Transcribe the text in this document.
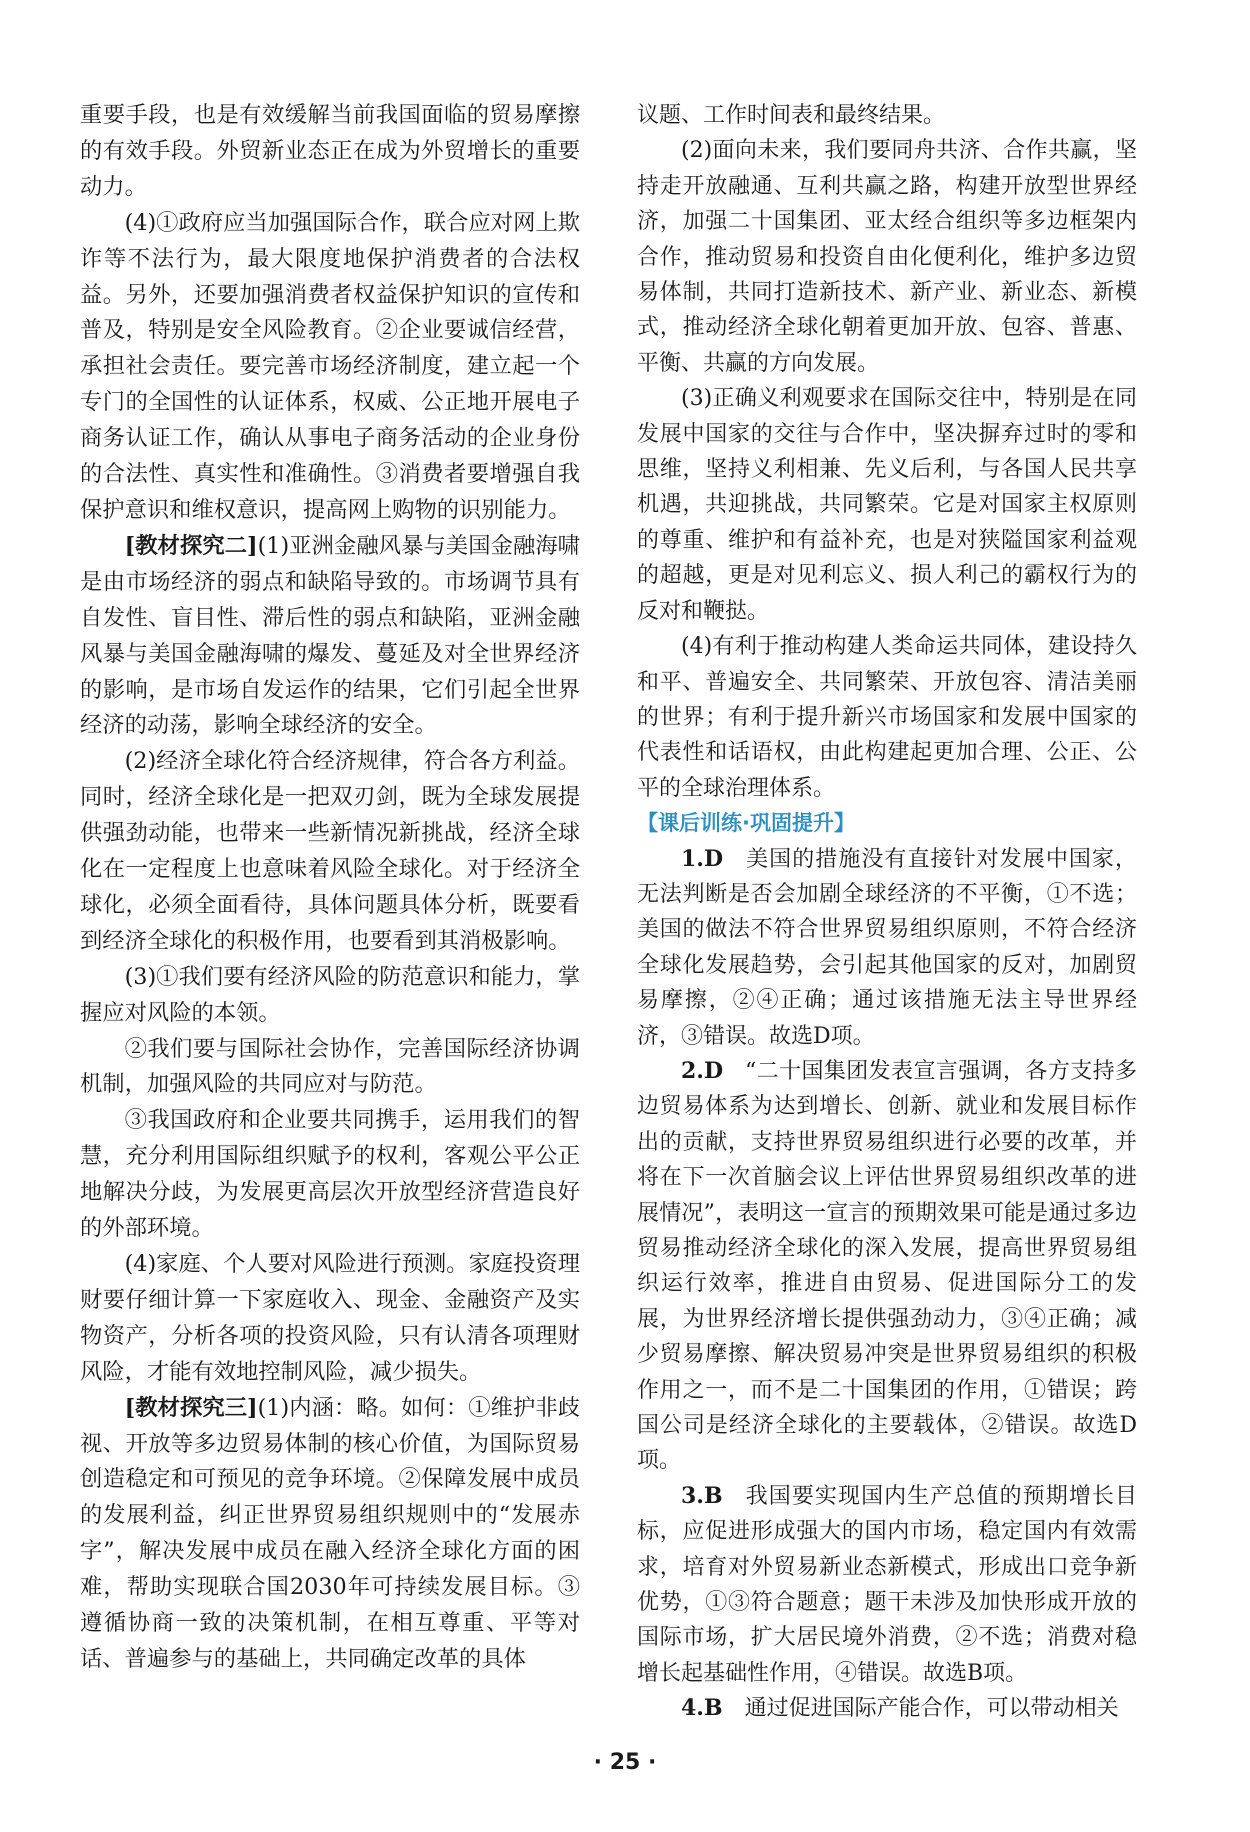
重要手段，也是有效缓解当前我国面临的贸易摩擦的有效手段。外贸新业态正在成为外贸增长的重要动力。

(4)①政府应当加强国际合作，联合应对网上欺诈等不法行为，最大限度地保护消费者的合法权益。另外，还要加强消费者权益保护知识的宣传和普及，特别是安全风险教育。②企业要诚信经营，承担社会责任。要完善市场经济制度，建立起一个专门的全国性的认证体系，权威、公正地开展电子商务认证工作，确认从事电子商务活动的企业身份的合法性、真实性和准确性。③消费者要增强自我保护意识和维权意识，提高网上购物的识别能力。

[教材探究二](1)亚洲金融风暴与美国金融海啸是由市场经济的弱点和缺陷导致的。市场调节具有自发性、盲目性、滞后性的弱点和缺陷，亚洲金融风暴与美国金融海啸的爆发、蔓延及对全世界经济的影响，是市场自发运作的结果，它们引起全世界经济的动荡，影响全球经济的安全。

(2)经济全球化符合经济规律，符合各方利益。同时，经济全球化是一把双刃剑，既为全球发展提供强劲动能，也带来一些新情况新挑战，经济全球化在一定程度上也意味着风险全球化。对于经济全球化，必须全面看待，具体问题具体分析，既要看到经济全球化的积极作用，也要看到其消极影响。

(3)①我们要有经济风险的防范意识和能力，掌握应对风险的本领。

②我们要与国际社会协作，完善国际经济协调机制，加强风险的共同应对与防范。

③我国政府和企业要共同携手，运用我们的智慧，充分利用国际组织赋予的权利，客观公平公正地解决分歧，为发展更高层次开放型经济营造良好的外部环境。

(4)家庭、个人要对风险进行预测。家庭投资理财要仔细计算一下家庭收入、现金、金融资产及实物资产，分析各项的投资风险，只有认清各项理财风险，才能有效地控制风险，减少损失。

[教材探究三](1)内涵：略。如何：①维护非歧视、开放等多边贸易体制的核心价值，为国际贸易创造稳定和可预见的竞争环境。②保障发展中成员的发展利益，纠正世界贸易组织规则中的“发展赤字”，解决发展中成员在融入经济全球化方面的困难，帮助实现联合国2030年可持续发展目标。③遵循协商一致的决策机制，在相互尊重、平等对话、普遍参与的基础上，共同确定改革的具体

议题、工作时间表和最终结果。

(2)面向未来，我们要同舟共济、合作共赢，坚持走开放融通、互利共赢之路，构建开放型世界经济，加强二十国集团、亚太经合组织等多边框架内合作，推动贸易和投资自由化便利化，维护多边贸易体制，共同打造新技术、新产业、新业态、新模式，推动经济全球化朝着更加开放、包容、普惠、平衡、共赢的方向发展。

(3)正确义利观要求在国际交往中，特别是在同发展中国家的交往与合作中，坚决摒弃过时的零和思维，坚持义利相兼、先义后利，与各国人民共享机遇，共迎挑战，共同繁荣。它是对国家主权原则的尊重、维护和有益补充，也是对狭隘国家利益观的超越，更是对见利忘义、损人利己的霸权行为的反对和鞭挞。

(4)有利于推动构建人类命运共同体，建设持久和平、普遍安全、共同繁荣、开放包容、清洁美丽的世界；有利于提升新兴市场国家和发展中国家的代表性和话语权，由此构建起更加合理、公正、公平的全球治理体系。

【课后训练·巩固提升】

1.D  美国的措施没有直接针对发展中国家，无法判断是否会加剧全球经济的不平衡，①不选；美国的做法不符合世界贸易组织原则，不符合经济全球化发展趋势，会引起其他国家的反对，加剧贸易摩擦，②④正确；通过该措施无法主导世界经济，③错误。故选D项。

2.D  “二十国集团发表宣言强调，各方支持多边贸易体系为达到增长、创新、就业和发展目标作出的贡献，支持世界贸易组织进行必要的改革，并将在下一次首脑会议上评估世界贸易组织改革的进展情况”，表明这一宣言的预期效果可能是通过多边贸易推动经济全球化的深入发展，提高世界贸易组织运行效率，推进自由贸易、促进国际分工的发展，为世界经济增长提供强劲动力，③④正确；减少贸易摩擦、解决贸易冲突是世界贸易组织的积极作用之一，而不是二十国集团的作用，①错误；跨国公司是经济全球化的主要载体，②错误。故选D项。

3.B  我国要实现国内生产总值的预期增长目标，应促进形成强大的国内市场，稳定国内有效需求，培育对外贸易新业态新模式，形成出口竞争新优势，①③符合题意；题干未涉及加快形成开放的国际市场，扩大居民境外消费，②不选；消费对稳增长起基础性作用，④错误。故选B项。

4.B  通过促进国际产能合作，可以带动相关

· 25 ·
